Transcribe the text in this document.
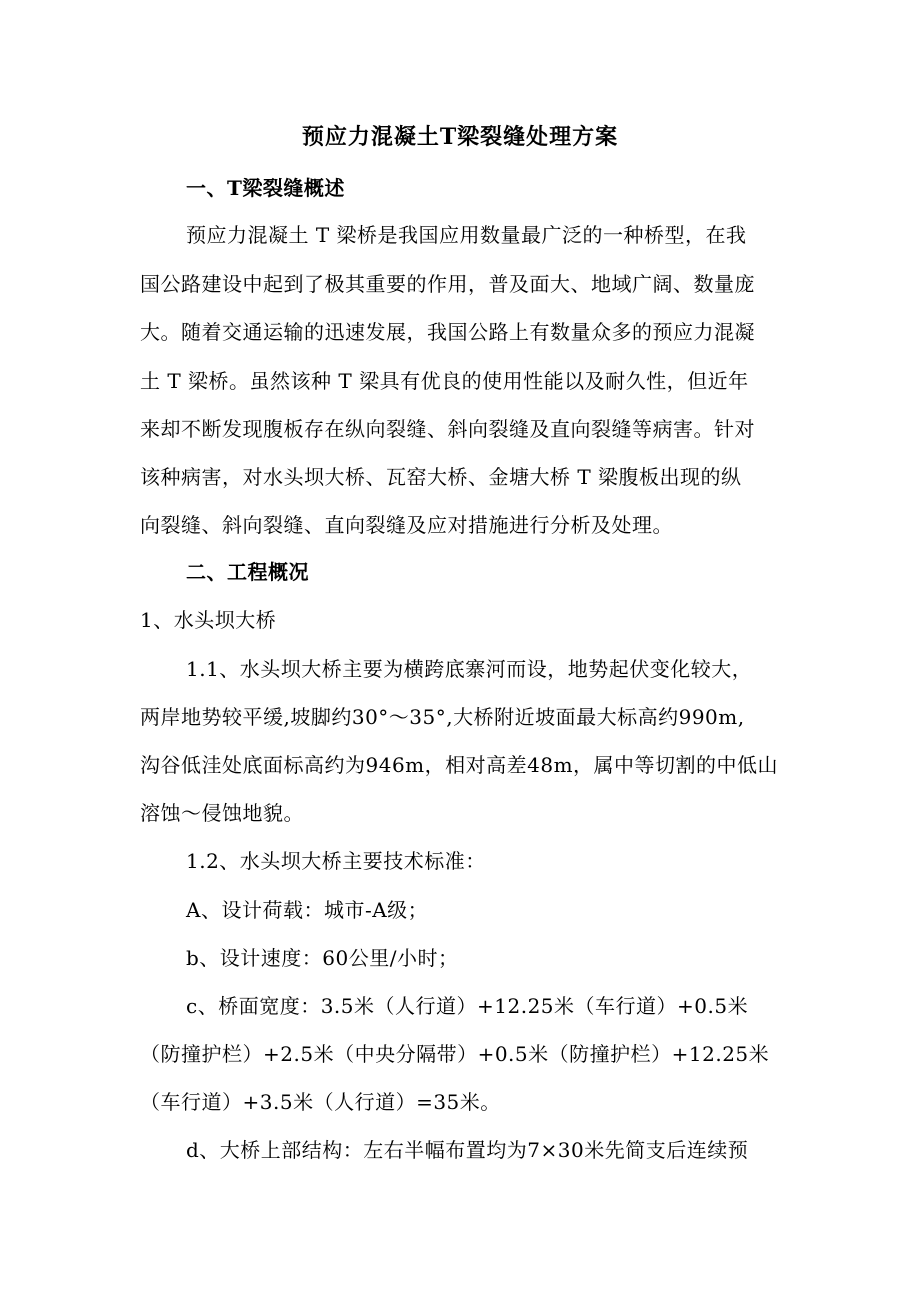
预应力混凝土T梁裂缝处理方案
一、T梁裂缝概述
预应力混凝土 T 梁桥是我国应用数量最广泛的一种桥型，在我
国公路建设中起到了极其重要的作用，普及面大、地域广阔、数量庞
大。随着交通运输的迅速发展，我国公路上有数量众多的预应力混凝
土 T 梁桥。虽然该种 T 梁具有优良的使用性能以及耐久性，但近年
来却不断发现腹板存在纵向裂缝、斜向裂缝及直向裂缝等病害。针对
该种病害，对水头坝大桥、瓦窑大桥、金塘大桥 T 梁腹板出现的纵
向裂缝、斜向裂缝、直向裂缝及应对措施进行分析及处理。
二、工程概况
1、水头坝大桥
1.1、水头坝大桥主要为横跨底寨河而设，地势起伏变化较大，
两岸地势较平缓,坡脚约30°～35°,大桥附近坡面最大标高约990m,
沟谷低洼处底面标高约为946m，相对高差48m，属中等切割的中低山
溶蚀～侵蚀地貌。
1.2、水头坝大桥主要技术标准：
A、设计荷载：城市-A级；
b、设计速度：60公里/小时；
c、桥面宽度：3.5米（人行道）+12.25米（车行道）+0.5米
（防撞护栏）+2.5米（中央分隔带）+0.5米（防撞护栏）+12.25米
（车行道）+3.5米（人行道）=35米。
d、大桥上部结构：左右半幅布置均为7×30米先简支后连续预
